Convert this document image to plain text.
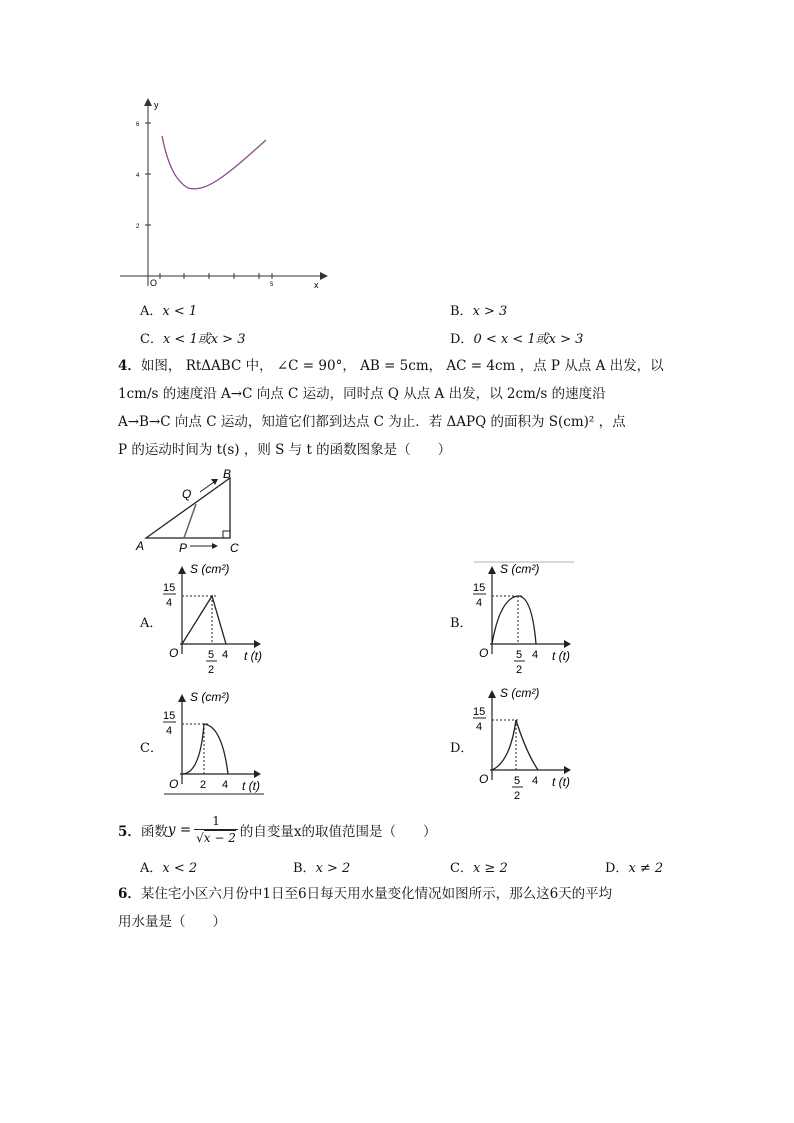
y
x
O
6
4
2
5
A．x < 1	B．x > 3
C．x < 1或x > 3	D．0 < x < 1或x > 3
4．如图， RtΔABC 中， ∠C = 90°， AB = 5cm， AC = 4cm ，点 P 从点 A 出发，以
1cm/s 的速度沿 A→C 向点 C 运动，同时点 Q 从点 A 出发，以 2cm/s 的速度沿
A→B→C 向点 C 运动，知道它们都到达点 C 为止．若 ΔAPQ 的面积为 S(cm)² ，点
P 的运动时间为 t(s) ，则 S 与 t 的函数图象是（　　）
A
B
C
P
Q
A．	B．
C．	D．
S (cm²)
15
4
O	5
2
4 t (t)
S (cm²)
15
4
O	5
2
4 t (t)
S (cm²)
15
4
O 2 4 t (t)
S (cm²)
15
4
O 5
2
4 t (t)
5． 函数 $y = \frac{1}{√ x - 2}$ 的自变量x的取值范围是（　　）
A．x < 2	B．x > 2	C．x ≥ 2	D．x ≠ 2
6．某住宅小区六月份中1日至6日每天用水量变化情况如图所示，那么这6天的平均
用水量是（　　）
